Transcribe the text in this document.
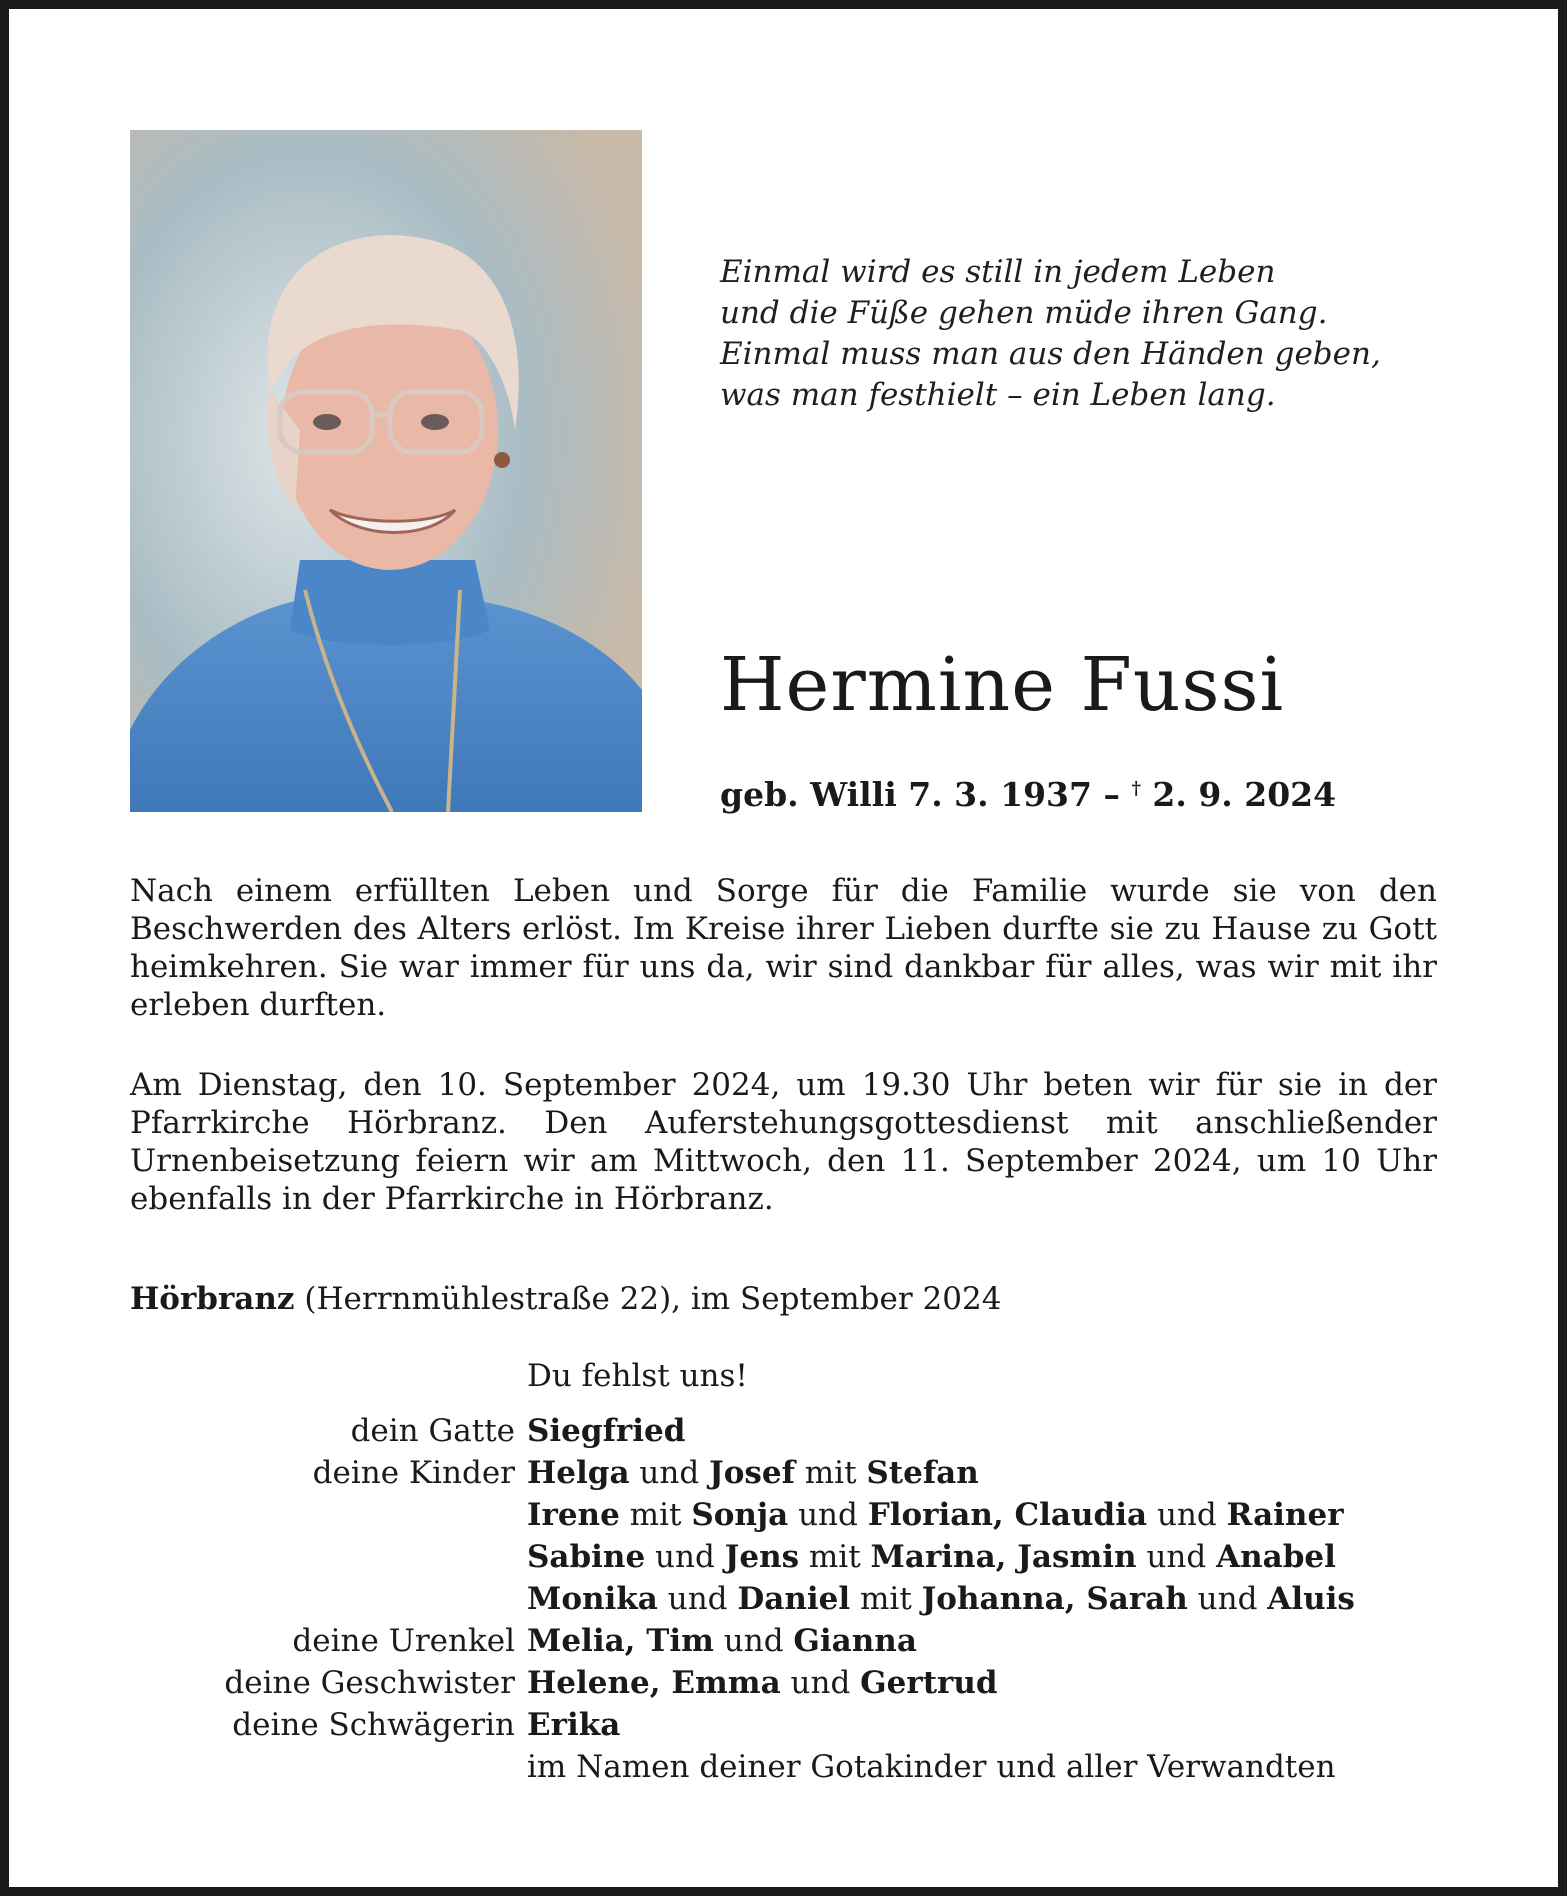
Einmal wird es still in jedem Leben
und die Füße gehen müde ihren Gang.
Einmal muss man aus den Händen geben,
was man festhielt – ein Leben lang.
Hermine Fussi
geb. Willi 7. 3. 1937 – † 2. 9. 2024
Nach einem erfüllten Leben und Sorge für die Familie wurde sie von den Beschwerden des Alters erlöst. Im Kreise ihrer Lieben durfte sie zu Hause zu Gott heimkehren. Sie war immer für uns da, wir sind dankbar für alles, was wir mit ihr erleben durften.
Am Dienstag, den 10. September 2024, um 19.30 Uhr beten wir für sie in der Pfarrkirche Hörbranz. Den Auferstehungsgottesdienst mit anschließender Urnenbeisetzung feiern wir am Mittwoch, den 11. September 2024, um 10 Uhr ebenfalls in der Pfarrkirche in Hörbranz.
Hörbranz (Herrnmühlestraße 22), im September 2024
Du fehlst uns!
dein Gatte Siegfried
deine Kinder Helga und Josef mit Stefan
Irene mit Sonja und Florian, Claudia und Rainer
Sabine und Jens mit Marina, Jasmin und Anabel
Monika und Daniel mit Johanna, Sarah und Aluis
deine Urenkel Melia, Tim und Gianna
deine Geschwister Helene, Emma und Gertrud
deine Schwägerin Erika
im Namen deiner Gotakinder und aller Verwandten
